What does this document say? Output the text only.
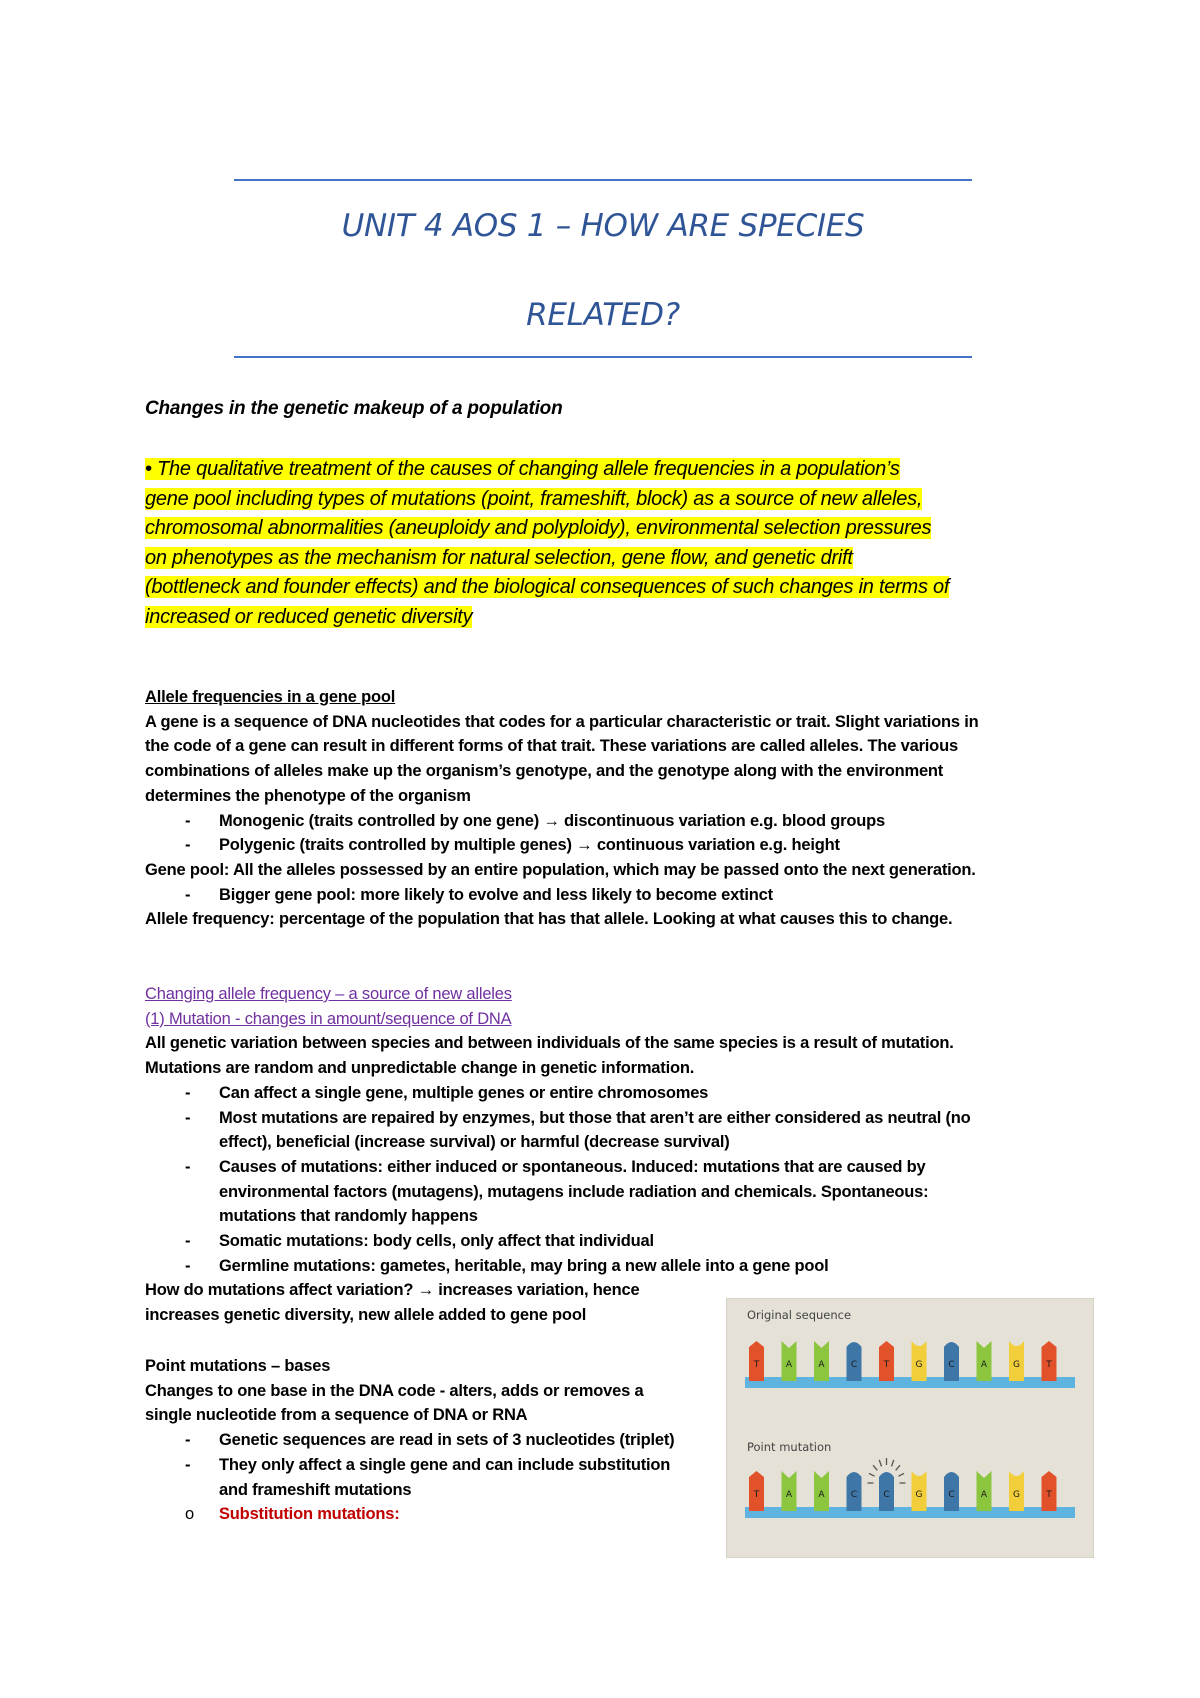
UNIT 4 AOS 1 – HOW ARE SPECIES
RELATED?
Changes in the genetic makeup of a population
• The qualitative treatment of the causes of changing allele frequencies in a population’s
gene pool including types of mutations (point, frameshift, block) as a source of new alleles,
chromosomal abnormalities (aneuploidy and polyploidy), environmental selection pressures
on phenotypes as the mechanism for natural selection, gene flow, and genetic drift
(bottleneck and founder effects) and the biological consequences of such changes in terms of
increased or reduced genetic diversity
Allele frequencies in a gene pool
A gene is a sequence of DNA nucleotides that codes for a particular characteristic or trait. Slight variations in
the code of a gene can result in different forms of that trait. These variations are called alleles. The various
combinations of alleles make up the organism’s genotype, and the genotype along with the environment
determines the phenotype of the organism
-	Monogenic (traits controlled by one gene) → discontinuous variation e.g. blood groups
-	Polygenic (traits controlled by multiple genes) → continuous variation e.g. height
Gene pool: All the alleles possessed by an entire population, which may be passed onto the next generation.
-	Bigger gene pool: more likely to evolve and less likely to become extinct
Allele frequency: percentage of the population that has that allele. Looking at what causes this to change.
Changing allele frequency – a source of new alleles
(1) Mutation - changes in amount/sequence of DNA
All genetic variation between species and between individuals of the same species is a result of mutation.
Mutations are random and unpredictable change in genetic information.
-	Can affect a single gene, multiple genes or entire chromosomes
-	Most mutations are repaired by enzymes, but those that aren’t are either considered as neutral (no
effect), beneficial (increase survival) or harmful (decrease survival)
-	Causes of mutations: either induced or spontaneous. Induced: mutations that are caused by
environmental factors (mutagens), mutagens include radiation and chemicals. Spontaneous:
mutations that randomly happens
-	Somatic mutations: body cells, only affect that individual
-	Germline mutations: gametes, heritable, may bring a new allele into a gene pool
How do mutations affect variation? → increases variation, hence
increases genetic diversity, new allele added to gene pool
Point mutations – bases
Changes to one base in the DNA code - alters, adds or removes a
single nucleotide from a sequence of DNA or RNA
-	Genetic sequences are read in sets of 3 nucleotides (triplet)
-	They only affect a single gene and can include substitution
and frameshift mutations
o	Substitution mutations:
Original sequence
Point mutation
T	A	A	C	T	G	C	A	G	T
T	A	A	C	C	G	C	A	G	T
